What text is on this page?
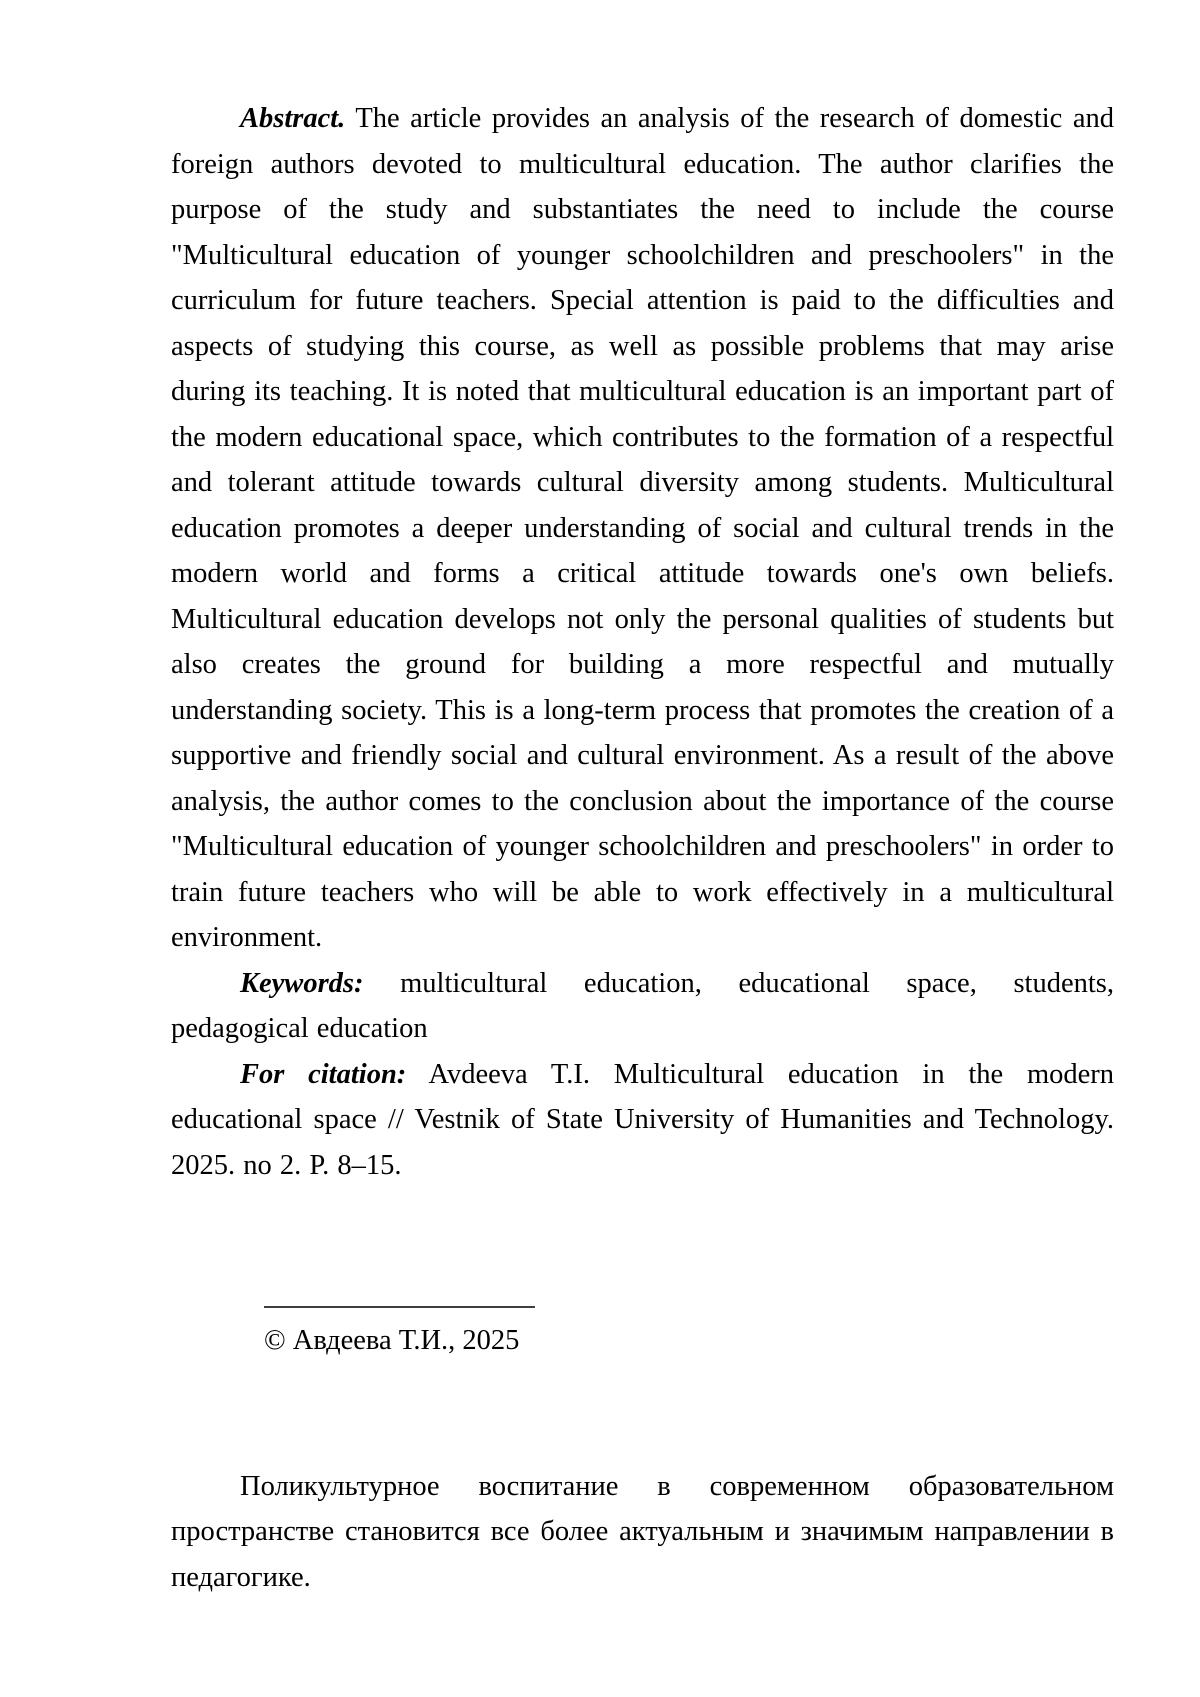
Abstract. The article provides an analysis of the research of domestic and foreign authors devoted to multicultural education. The author clarifies the purpose of the study and substantiates the need to include the course "Multicultural education of younger schoolchildren and preschoolers" in the curriculum for future teachers. Special attention is paid to the difficulties and aspects of studying this course, as well as possible problems that may arise during its teaching. It is noted that multicultural education is an important part of the modern educational space, which contributes to the formation of a respectful and tolerant attitude towards cultural diversity among students. Multicultural education promotes a deeper understanding of social and cultural trends in the modern world and forms a critical attitude towards one's own beliefs. Multicultural education develops not only the personal qualities of students but also creates the ground for building a more respectful and mutually understanding society. This is a long-term process that promotes the creation of a supportive and friendly social and cultural environment. As a result of the above analysis, the author comes to the conclusion about the importance of the course "Multicultural education of younger schoolchildren and preschoolers" in order to train future teachers who will be able to work effectively in a multicultural environment.

Keywords: multicultural education, educational space, students, pedagogical education

For citation: Avdeeva T.I. Multicultural education in the modern educational space // Vestnik of State University of Humanities and Technology. 2025. no 2. P. 8–15.

© Авдеева Т.И., 2025

Поликультурное воспитание в современном образовательном пространстве становится все более актуальным и значимым направлении в педагогике.
